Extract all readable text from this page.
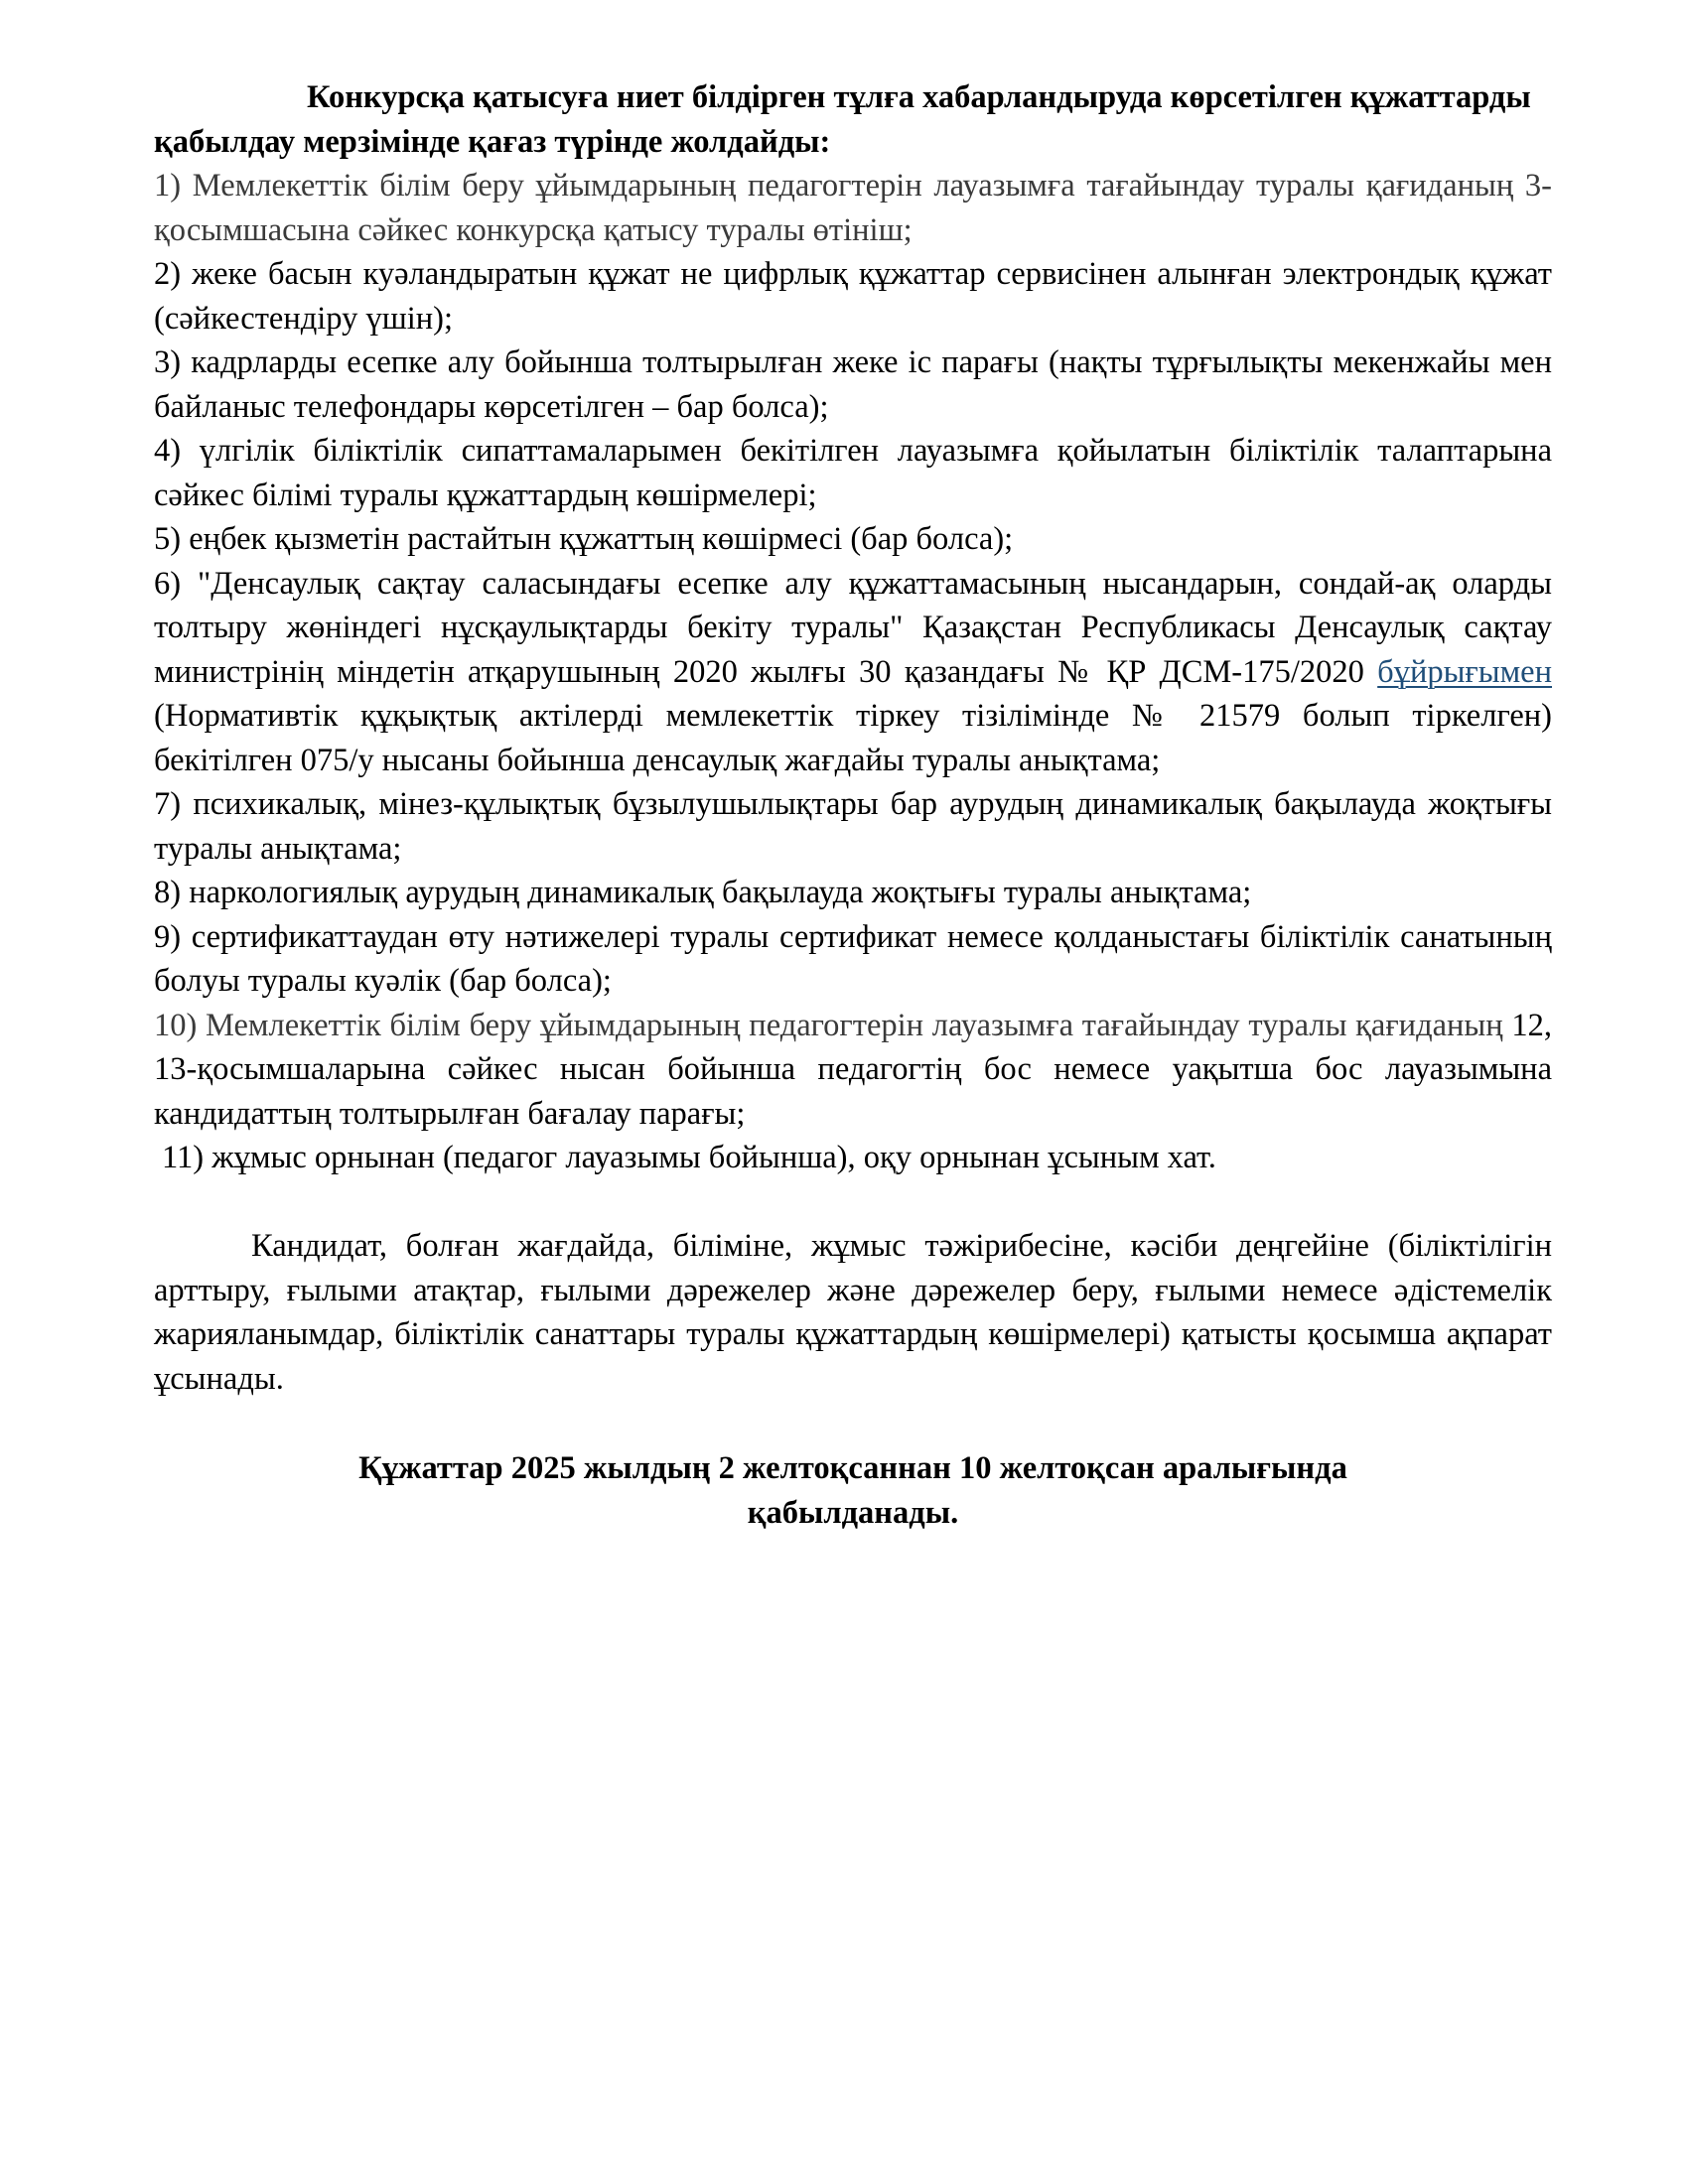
Конкурсқа қатысуға ниет білдірген тұлға хабарландыруда көрсетілген құжаттарды қабылдау мерзімінде қағаз түрінде жолдайды:

1) Мемлекеттік білім беру ұйымдарының педагогтерін лауазымға тағайындау туралы қағиданың 3- қосымшасына сәйкес конкурсқа қатысу туралы өтініш;

2) жеке басын куәландыратын құжат не цифрлық құжаттар сервисінен алынған электрондық құжат (сәйкестендіру үшін);

3) кадрларды есепке алу бойынша толтырылған жеке іс парағы (нақты тұрғылықты мекенжайы мен байланыс телефондары көрсетілген – бар болса);

4) үлгілік біліктілік сипаттамаларымен бекітілген лауазымға қойылатын біліктілік талаптарына сәйкес білімі туралы құжаттардың көшірмелері;

5) еңбек қызметін растайтын құжаттың көшірмесі (бар болса);

6) "Денсаулық сақтау саласындағы есепке алу құжаттамасының нысандарын, сондай-ақ оларды толтыру жөніндегі нұсқаулықтарды бекіту туралы" Қазақстан Республикасы Денсаулық сақтау министрінің міндетін атқарушының 2020 жылғы 30 қазандағы № ҚР ДСМ-175/2020 бұйрығымен (Нормативтік құқықтық актілерді мемлекеттік тіркеу тізілімінде № 21579 болып тіркелген) бекітілген 075/у нысаны бойынша денсаулық жағдайы туралы анықтама;

7) психикалық, мінез-құлықтық бұзылушылықтары бар аурудың динамикалық бақылауда жоқтығы туралы анықтама;

8) наркологиялық аурудың динамикалық бақылауда жоқтығы туралы анықтама;

9) сертификаттаудан өту нәтижелері туралы сертификат немесе қолданыстағы біліктілік санатының болуы туралы куәлік (бар болса);

10) Мемлекеттік білім беру ұйымдарының педагогтерін лауазымға тағайындау туралы қағиданың 12, 13-қосымшаларына сәйкес нысан бойынша педагогтің бос немесе уақытша бос лауазымына кандидаттың толтырылған бағалау парағы;

11) жұмыс орнынан (педагог лауазымы бойынша), оқу орнынан ұсыным хат.

Кандидат, болған жағдайда, біліміне, жұмыс тәжірибесіне, кәсіби деңгейіне (біліктілігін арттыру, ғылыми атақтар, ғылыми дәрежелер және дәрежелер беру, ғылыми немесе әдістемелік жарияланымдар, біліктілік санаттары туралы құжаттардың көшірмелері) қатысты қосымша ақпарат ұсынады.

Құжаттар 2025 жылдың 2 желтоқсаннан 10 желтоқсан аралығында

қабылданады.
